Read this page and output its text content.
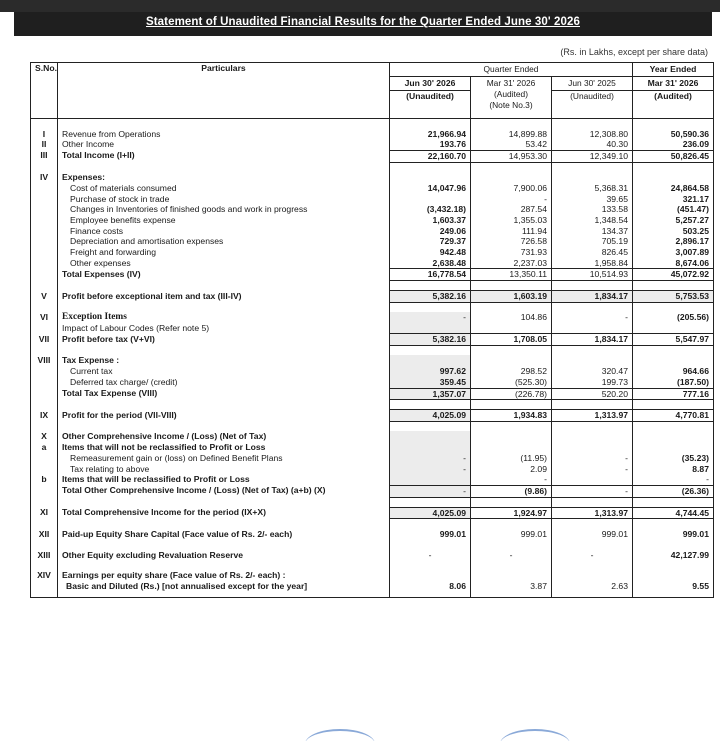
Statement of Unaudited Financial Results for the Quarter Ended June 30' 2026
(Rs. in Lakhs, except per share data)
S.No.	Particulars	Quarter Ended			Year Ended
		Jun 30' 2026	Mar 31' 2026
(Audited)
(Note No.3)	Jun 30' 2025	Mar 31' 2026
		(Unaudited)		(Unaudited)	(Audited)

I	Revenue from Operations	21,966.94	14,899.88	12,308.80	50,590.36
II	Other Income	193.76	53.42	40.30	236.09
III	Total Income (I+II)	22,160.70	14,953.30	12,349.10	50,826.45

IV	Expenses:				
	Cost of materials consumed	14,047.96	7,900.06	5,368.31	24,864.58
	Purchase of stock in trade		-	39.65	321.17
	Changes in Inventories of finished goods and work in progress	(3,432.18)	287.54	133.58	(451.47)
	Employee benefits expense	1,603.37	1,355.03	1,348.54	5,257.27
	Finance costs	249.06	111.94	134.37	503.25
	Depreciation and amortisation expenses	729.37	726.58	705.19	2,896.17
	Freight and forwarding	942.48	731.93	826.45	3,007.89
	Other expenses	2,638.48	2,237.03	1,958.84	8,674.06
	Total Expenses (IV)	16,778.54	13,350.11	10,514.93	45,072.92

V	Profit before exceptional item and tax (III-IV)	5,382.16	1,603.19	1,834.17	5,753.53

VI	Exception Items	-	104.86	-	(205.56)
	Impact of Labour Codes (Refer note 5)				
VII	Profit before tax (V+VI)	5,382.16	1,708.05	1,834.17	5,547.97

VIII	Tax Expense :				
	Current tax	997.62	298.52	320.47	964.66
	Deferred tax charge/ (credit)	359.45	(525.30)	199.73	(187.50)
	Total Tax Expense (VIII)	1,357.07	(226.78)	520.20	777.16

IX	Profit for the period (VII-VIII)	4,025.09	1,934.83	1,313.97	4,770.81

X	Other Comprehensive Income / (Loss) (Net of Tax)				
a	Items that will not be reclassified to Profit or Loss				
	Remeasurement gain or (loss) on Defined Benefit Plans	-	(11.95)	-	(35.23)
	Tax relating to above	-	2.09	-	8.87
b	Items that will be reclassified to Profit or Loss		-		-
	Total Other Comprehensive Income / (Loss) (Net of Tax) (a+b) (X)	-	(9.86)	-	(26.36)

XI	Total Comprehensive Income for the period (IX+X)	4,025.09	1,924.97	1,313.97	4,744.45

XII	Paid-up Equity Share Capital (Face value of Rs. 2/- each)	999.01	999.01	999.01	999.01

XIII	Other Equity excluding Revaluation Reserve	-	-	-	42,127.99

XIV	Earnings per equity share (Face value of Rs. 2/- each) :				
	Basic and Diluted (Rs.) [not annualised except for the year]	8.06	3.87	2.63	9.55
